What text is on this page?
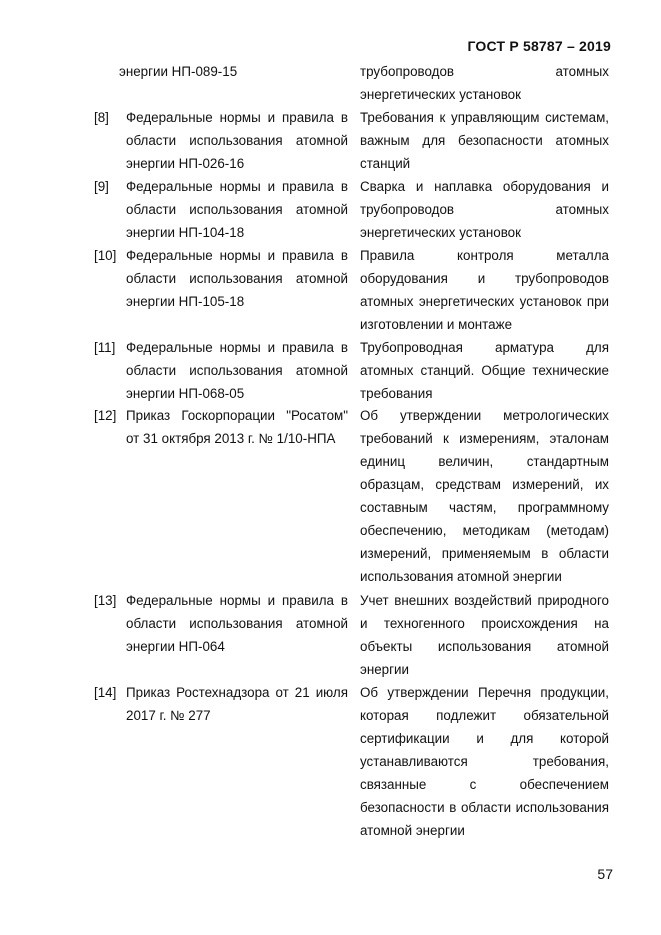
ГОСТ Р 58787 – 2019
энергии НП-089-15	трубопроводов атомных
энергетических установок
[8] Федеральные нормы и правила в
области использования атомной
энергии НП-026-16
Требования к управляющим системам,
важным для безопасности атомных
станций
[9] Федеральные нормы и правила в
области использования атомной
энергии НП-104-18
Сварка и наплавка оборудования и
трубопроводов атомных
энергетических установок
[10] Федеральные нормы и правила в
области использования атомной
энергии НП-105-18
Правила контроля металла
оборудования и трубопроводов
атомных энергетических установок при
изготовлении и монтаже
[11] Федеральные нормы и правила в
области использования атомной
энергии НП-068-05
Трубопроводная арматура для
атомных станций. Общие технические
требования
[12] Приказ Госкорпорации "Росатом"
от 31 октября 2013 г. № 1/10-НПА
Об утверждении метрологических
требований к измерениям, эталонам
единиц величин, стандартным
образцам, средствам измерений, их
составным частям, программному
обеспечению, методикам (методам)
измерений, применяемым в области
использования атомной энергии
[13] Федеральные нормы и правила в
области использования атомной
энергии НП-064
Учет внешних воздействий природного
и техногенного происхождения на
объекты использования атомной
энергии
[14] Приказ Ростехнадзора от 21 июля
2017 г. № 277
Об утверждении Перечня продукции,
которая подлежит обязательной
сертификации и для которой
устанавливаются требования,
связанные с обеспечением
безопасности в области использования
атомной энергии
57
